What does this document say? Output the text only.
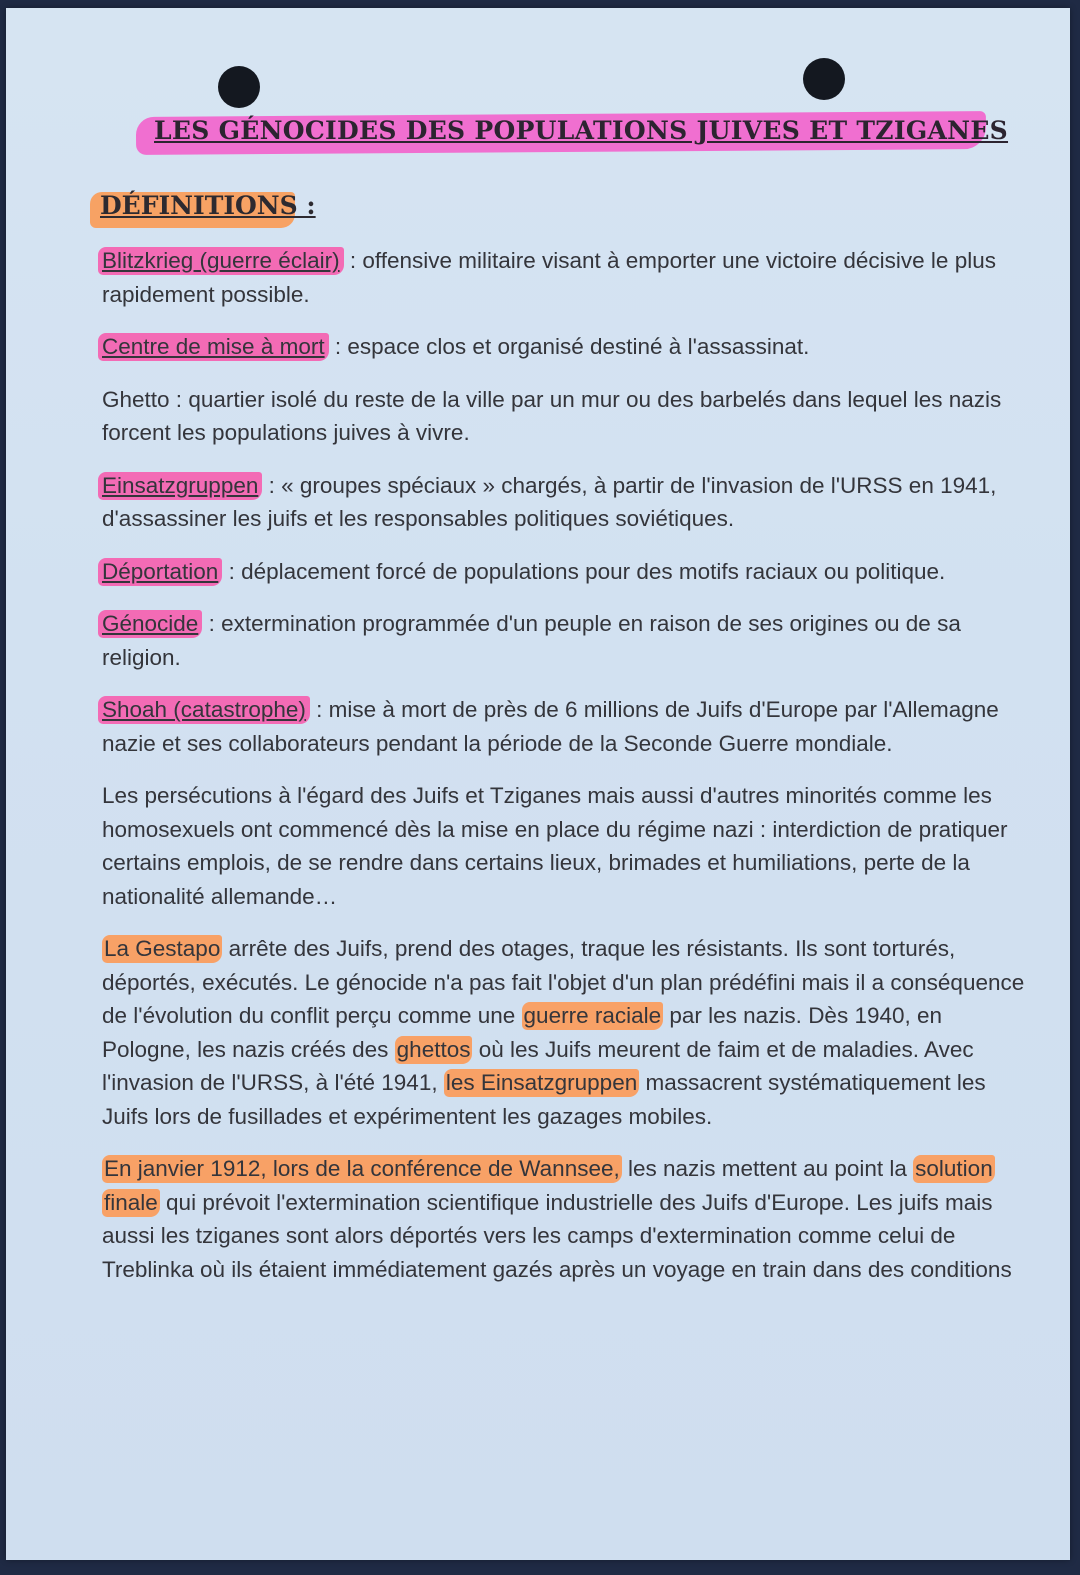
LES GÉNOCIDES DES POPULATIONS JUIVES ET TZIGANES
DÉFINITIONS :

Blitzkrieg (guerre éclair) : offensive militaire visant à emporter une victoire décisive le plus rapidement possible.

Centre de mise à mort : espace clos et organisé destiné à l'assassinat.

Ghetto : quartier isolé du reste de la ville par un mur ou des barbelés dans lequel les nazis forcent les populations juives à vivre.

Einsatzgruppen : « groupes spéciaux » chargés, à partir de l'invasion de l'URSS en 1941, d'assassiner les juifs et les responsables politiques soviétiques.

Déportation : déplacement forcé de populations pour des motifs raciaux ou politique.

Génocide : extermination programmée d'un peuple en raison de ses origines ou de sa religion.

Shoah (catastrophe) : mise à mort de près de 6 millions de Juifs d'Europe par l'Allemagne nazie et ses collaborateurs pendant la période de la Seconde Guerre mondiale.

Les persécutions à l'égard des Juifs et Tziganes mais aussi d'autres minorités comme les homosexuels ont commencé dès la mise en place du régime nazi : interdiction de pratiquer certains emplois, de se rendre dans certains lieux, brimades et humiliations, perte de la nationalité allemande…

La Gestapo arrête des Juifs, prend des otages, traque les résistants. Ils sont torturés, déportés, exécutés. Le génocide n'a pas fait l'objet d'un plan prédéfini mais il a conséquence de l'évolution du conflit perçu comme une guerre raciale par les nazis. Dès 1940, en Pologne, les nazis créés des ghettos où les Juifs meurent de faim et de maladies. Avec l'invasion de l'URSS, à l'été 1941, les Einsatzgruppen massacrent systématiquement les Juifs lors de fusillades et expérimentent les gazages mobiles.

En janvier 1912, lors de la conférence de Wannsee, les nazis mettent au point la solution finale qui prévoit l'extermination scientifique industrielle des Juifs d'Europe. Les juifs mais aussi les tziganes sont alors déportés vers les camps d'extermination comme celui de Treblinka où ils étaient immédiatement gazés après un voyage en train dans des conditions
